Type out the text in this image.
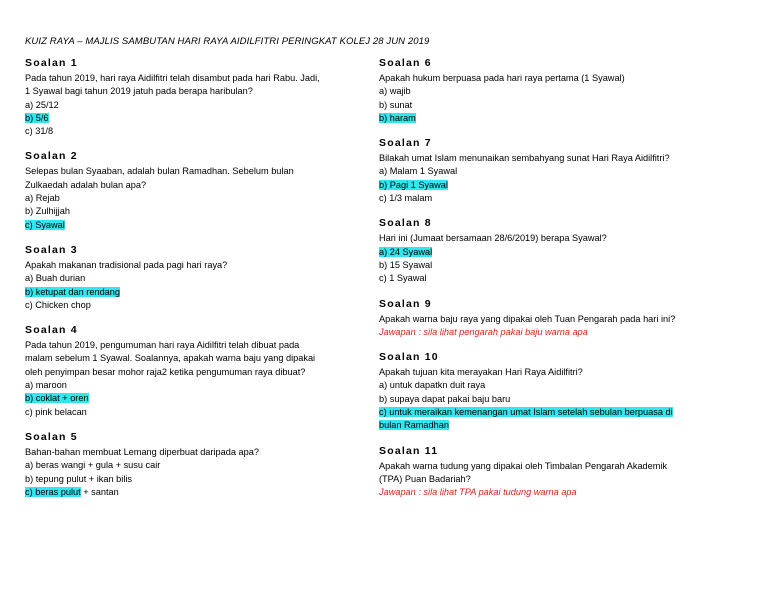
KUIZ RAYA – MAJLIS SAMBUTAN HARI RAYA AIDILFITRI PERINGKAT KOLEJ 28 JUN 2019
Soalan 1
Pada tahun 2019, hari raya Aidilfitri telah disambut pada hari Rabu. Jadi,
1 Syawal bagi tahun 2019 jatuh pada berapa haribulan?
a) 25/12
b) 5/6
c) 31/8
Soalan 2
Selepas bulan Syaaban, adalah bulan Ramadhan. Sebelum bulan
Zulkaedah adalah bulan apa?
a) Rejab
b) Zulhijjah
c) Syawal
Soalan 3
Apakah makanan tradisional pada pagi hari raya?
a) Buah durian
b) ketupat dan rendang
c) Chicken chop
Soalan 4
Pada tahun 2019, pengumuman hari raya Aidilfitri telah dibuat pada
malam sebelum 1 Syawal. Soalannya, apakah warna baju yang dipakai
oleh penyimpan besar mohor raja2 ketika pengumuman raya dibuat?
a) maroon
b) coklat + oren
c) pink belacan
Soalan 5
Bahan-bahan membuat Lemang diperbuat daripada apa?
a) beras wangi + gula + susu cair
b) tepung pulut + ikan bilis
c) beras pulut + santan
Soalan 6
Apakah hukum berpuasa pada hari raya pertama (1 Syawal)
a) wajib
b) sunat
b) haram
Soalan 7
Bilakah umat Islam menunaikan sembahyang sunat Hari Raya Aidilfitri?
a) Malam 1 Syawal
b) Pagi 1 Syawal
c) 1/3 malam
Soalan 8
Hari ini (Jumaat bersamaan 28/6/2019) berapa Syawal?
a) 24 Syawal
b) 15 Syawal
c) 1 Syawal
Soalan 9
Apakah warna baju raya yang dipakai oleh Tuan Pengarah pada hari ini?
Jawapan : sila lihat pengarah pakai baju warna apa
Soalan 10
Apakah tujuan kita merayakan Hari Raya Aidilfitri?
a) untuk dapatkn duit raya
b) supaya dapat pakai baju baru
c) untuk meraikan kemenangan umat Islam setelah sebulan berpuasa di
bulan Ramadhan
Soalan 11
Apakah warna tudung yang dipakai oleh Timbalan Pengarah Akademik
(TPA) Puan Badariah?
Jawapan : sila lihat TPA pakai tudung warna apa
